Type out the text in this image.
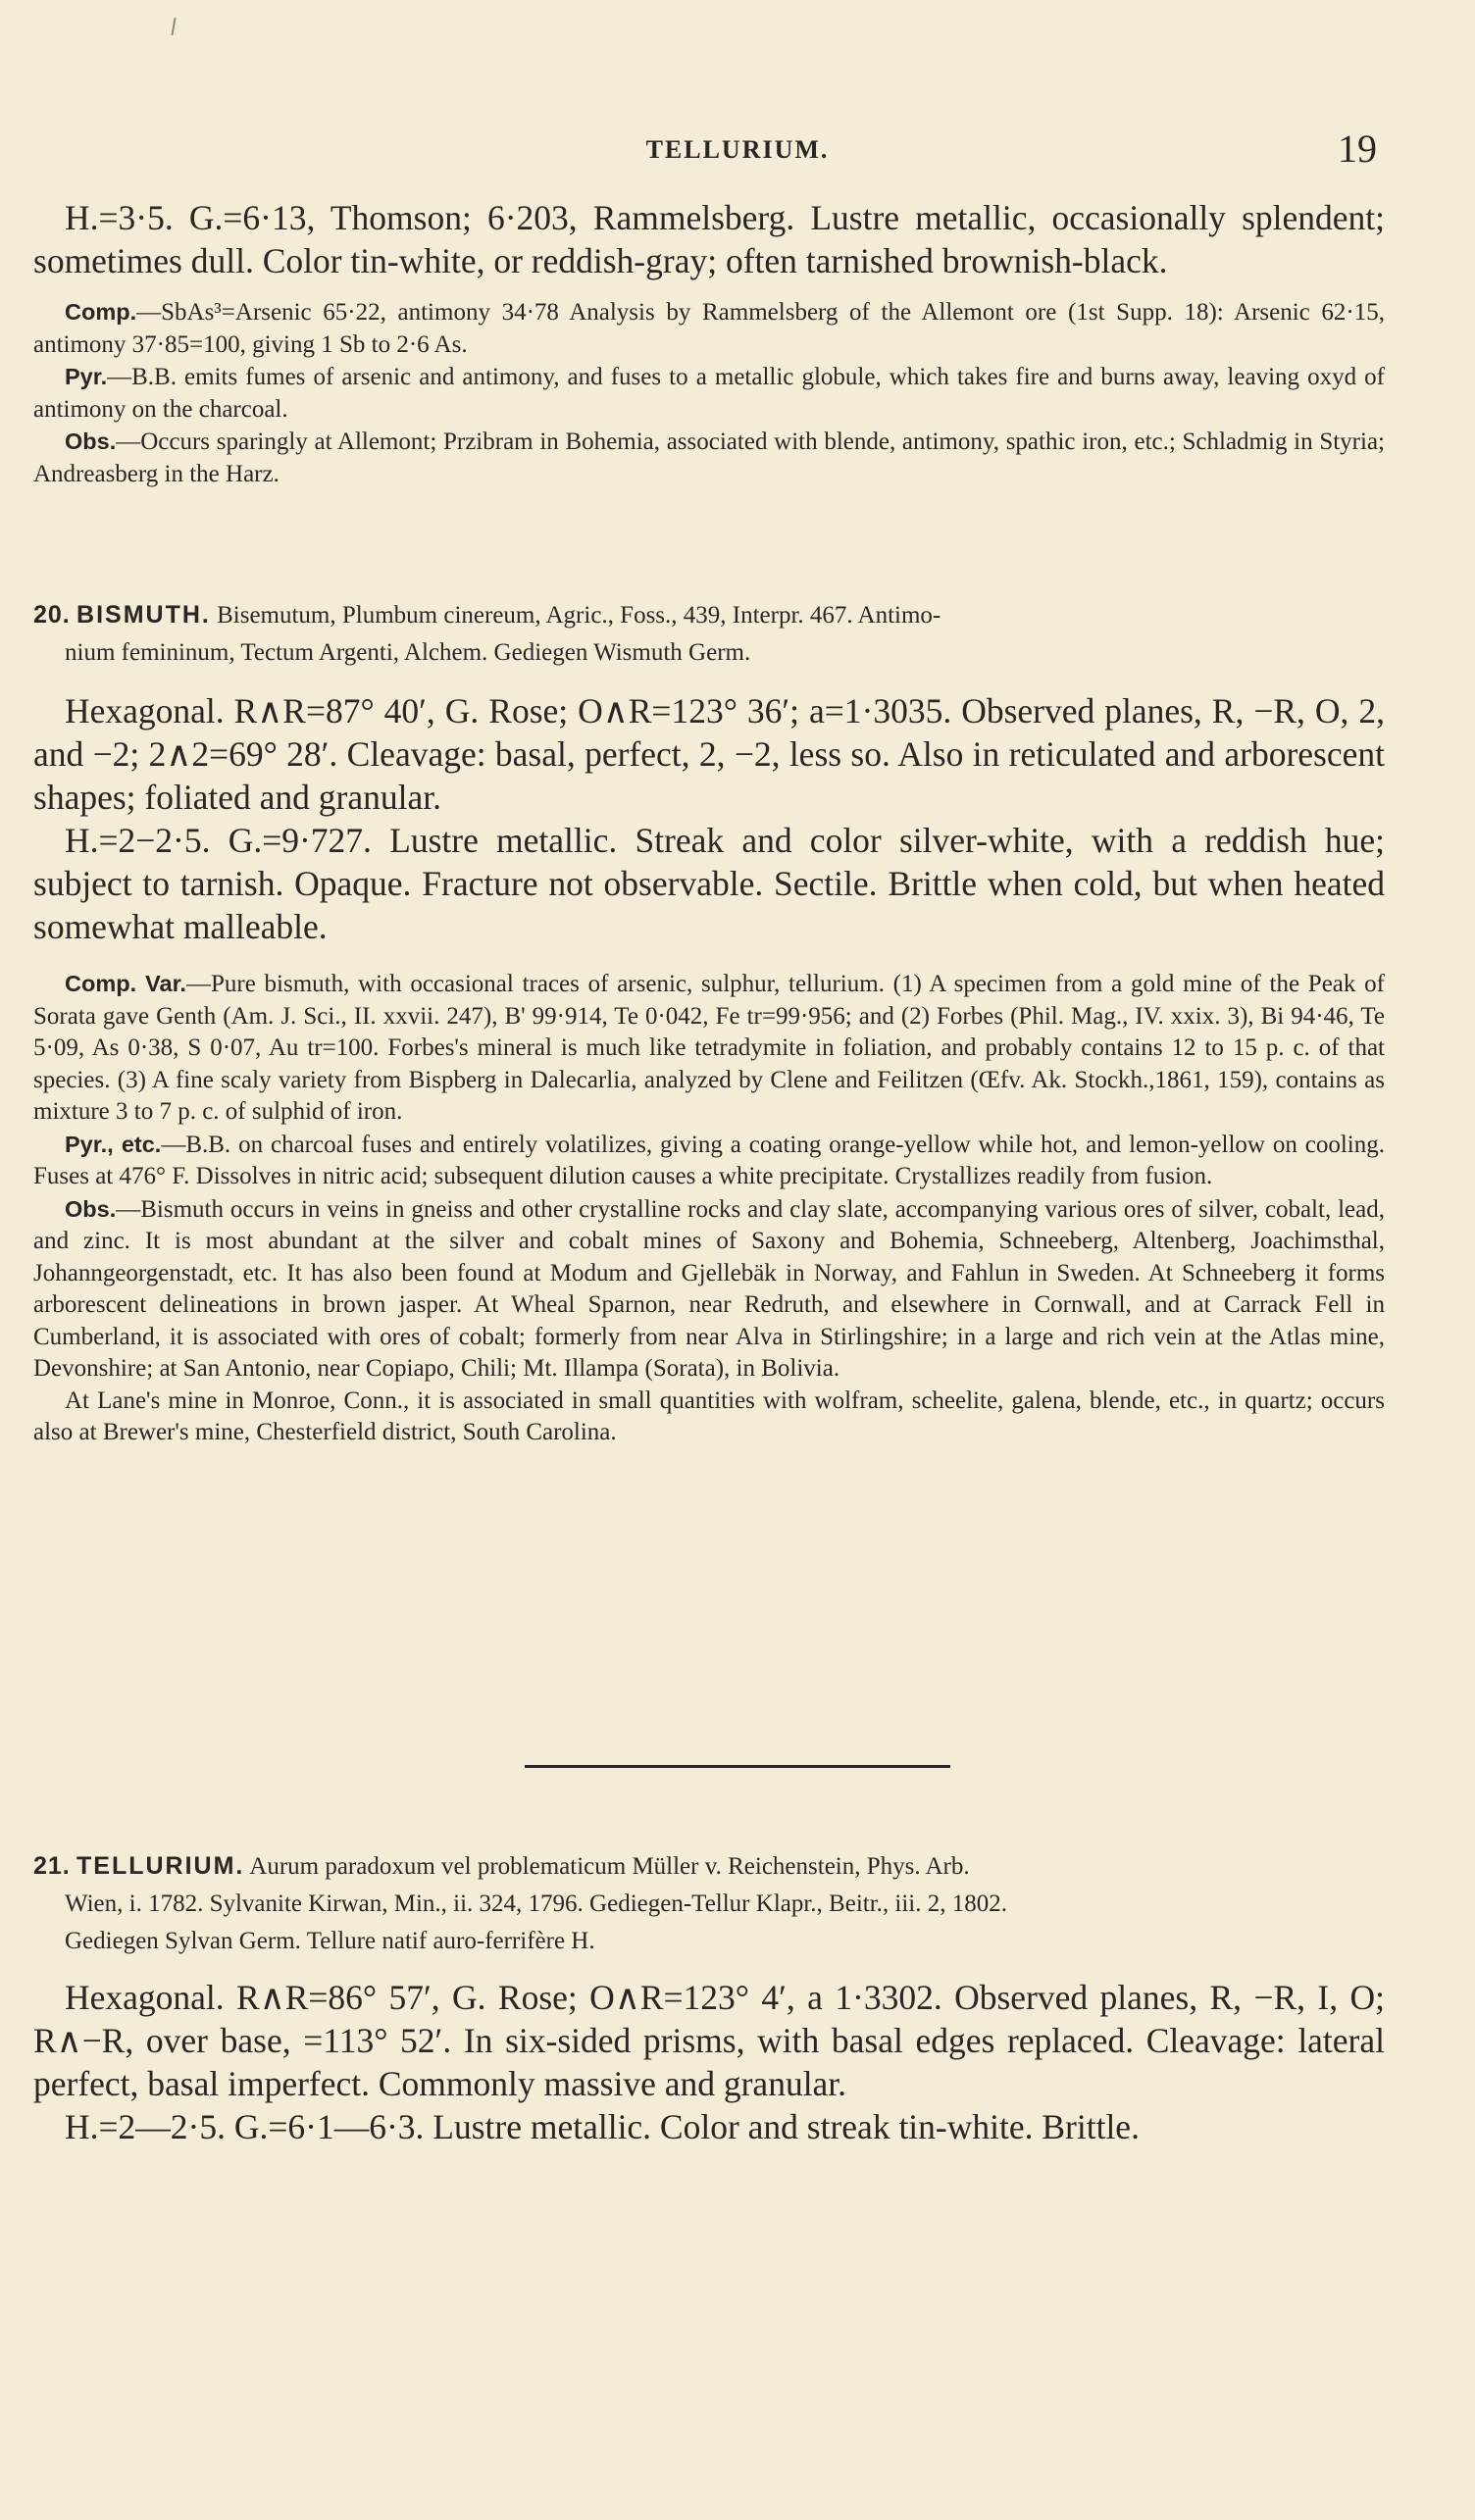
TELLURIUM.	19

H.=3·5. G.=6·13, Thomson; 6·203, Rammelsberg. Lustre metallic, occasionally splendent; sometimes dull. Color tin-white, or reddish-gray; often tarnished brownish-black.

Comp.—SbAs³=Arsenic 65·22, antimony 34·78 Analysis by Rammelsberg of the Allemont ore (1st Supp. 18): Arsenic 62·15, antimony 37·85=100, giving 1 Sb to 2·6 As.

Pyr.—B.B. emits fumes of arsenic and antimony, and fuses to a metallic globule, which takes fire and burns away, leaving oxyd of antimony on the charcoal.

Obs.—Occurs sparingly at Allemont; Przibram in Bohemia, associated with blende, antimony, spathic iron, etc.; Schladmig in Styria; Andreasberg in the Harz.

20. BISMUTH. Bisemutum, Plumbum cinereum, Agric., Foss., 439, Interpr. 467. Antimo-
nium femininum, Tectum Argenti, Alchem. Gediegen Wismuth Germ.

Hexagonal. R∧R=87° 40′, G. Rose; O∧R=123° 36′; a=1·3035. Observed planes, R, −R, O, 2, and −2; 2∧2=69° 28′. Cleavage: basal, perfect, 2, −2, less so. Also in reticulated and arborescent shapes; foliated and granular.

H.=2−2·5. G.=9·727. Lustre metallic. Streak and color silver-white, with a reddish hue; subject to tarnish. Opaque. Fracture not observable. Sectile. Brittle when cold, but when heated somewhat malleable.

Comp. Var.—Pure bismuth, with occasional traces of arsenic, sulphur, tellurium. (1) A specimen from a gold mine of the Peak of Sorata gave Genth (Am. J. Sci., II. xxvii. 247), B' 99·914, Te 0·042, Fe tr=99·956; and (2) Forbes (Phil. Mag., IV. xxix. 3), Bi 94·46, Te 5·09, As 0·38, S 0·07, Au tr=100. Forbes's mineral is much like tetradymite in foliation, and probably contains 12 to 15 p. c. of that species. (3) A fine scaly variety from Bispberg in Dalecarlia, analyzed by Clene and Feilitzen (Œfv. Ak. Stockh.,1861, 159), contains as mixture 3 to 7 p. c. of sulphid of iron.

Pyr., etc.—B.B. on charcoal fuses and entirely volatilizes, giving a coating orange-yellow while hot, and lemon-yellow on cooling. Fuses at 476° F. Dissolves in nitric acid; subsequent dilution causes a white precipitate. Crystallizes readily from fusion.

Obs.—Bismuth occurs in veins in gneiss and other crystalline rocks and clay slate, accompanying various ores of silver, cobalt, lead, and zinc. It is most abundant at the silver and cobalt mines of Saxony and Bohemia, Schneeberg, Altenberg, Joachimsthal, Johanngeorgenstadt, etc. It has also been found at Modum and Gjellebäk in Norway, and Fahlun in Sweden. At Schneeberg it forms arborescent delineations in brown jasper. At Wheal Sparnon, near Redruth, and elsewhere in Cornwall, and at Carrack Fell in Cumberland, it is associated with ores of cobalt; formerly from near Alva in Stirlingshire; in a large and rich vein at the Atlas mine, Devonshire; at San Antonio, near Copiapo, Chili; Mt. Illampa (Sorata), in Bolivia.

At Lane's mine in Monroe, Conn., it is associated in small quantities with wolfram, scheelite, galena, blende, etc., in quartz; occurs also at Brewer's mine, Chesterfield district, South Carolina.

21. TELLURIUM. Aurum paradoxum vel problematicum Müller v. Reichenstein, Phys. Arb.
Wien, i. 1782. Sylvanite Kirwan, Min., ii. 324, 1796. Gediegen-Tellur Klapr., Beitr., iii. 2, 1802.
Gediegen Sylvan Germ. Tellure natif auro-ferrifère H.

Hexagonal. R∧R=86° 57′, G. Rose; O∧R=123° 4′, a 1·3302. Observed planes, R, −R, I, O; R∧−R, over base, =113° 52′. In six-sided prisms, with basal edges replaced. Cleavage: lateral perfect, basal imperfect. Commonly massive and granular.

H.=2—2·5. G.=6·1—6·3. Lustre metallic. Color and streak tin-white. Brittle.
